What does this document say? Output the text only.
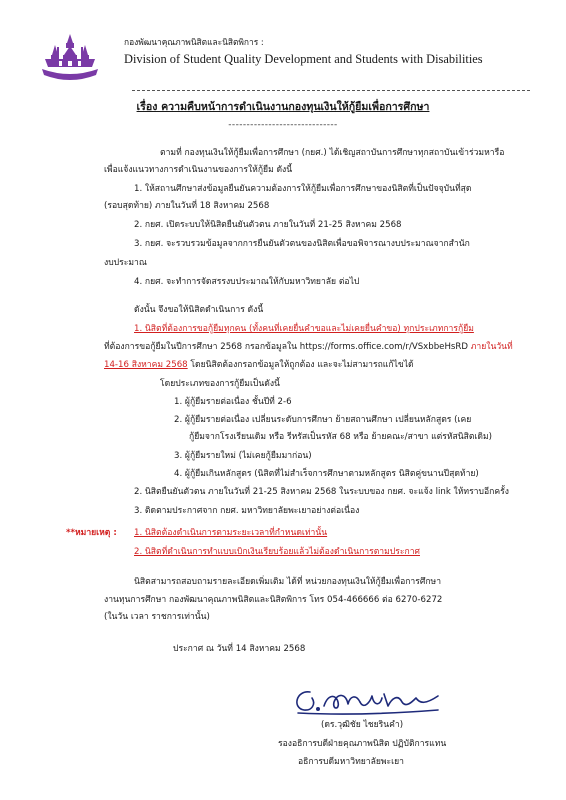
กองพัฒนาคุณภาพนิสิตและนิสิตพิการ :
Division of Student Quality Development and Students with Disabilities
เรื่อง ความคืบหน้าการดำเนินงานกองทุนเงินให้กู้ยืมเพื่อการศึกษา
------------------------------
ตามที่ กองทุนเงินให้กู้ยืมเพื่อการศึกษา (กยศ.) ได้เชิญสถาบันการศึกษาทุกสถาบันเข้าร่วมหารือ
เพื่อแจ้งแนวทางการดำเนินงานของการให้กู้ยืม ดังนี้
1. ให้สถานศึกษาส่งข้อมูลยืนยันความต้องการให้กู้ยืมเพื่อการศึกษาของนิสิตที่เป็นปัจจุบันที่สุด
(รอบสุดท้าย) ภายในวันที่ 18 สิงหาคม 2568
2. กยศ. เปิดระบบให้นิสิตยืนยันตัวตน ภายในวันที่ 21-25 สิงหาคม 2568
3. กยศ. จะรวบรวมข้อมูลจากการยืนยันตัวตนของนิสิตเพื่อขอพิจารณางบประมาณจากสำนัก
งบประมาณ
4. กยศ. จะทำการจัดสรรงบประมาณให้กับมหาวิทยาลัย ต่อไป
ดังนั้น จึงขอให้นิสิตดำเนินการ ดังนี้
1. นิสิตที่ต้องการขอกู้ยืมทุกคน (ทั้งคนที่เคยยื่นคำขอและไม่เคยยื่นคำขอ) ทุกประเภทการกู้ยืม
ที่ต้องการขอกู้ยืมในปีการศึกษา 2568 กรอกข้อมูลใน https://forms.office.com/r/VSxbbeHsRD ภายในวันที่
14-16 สิงหาคม 2568 โดยนิสิตต้องกรอกข้อมูลให้ถูกต้อง และจะไม่สามารถแก้ไขได้
โดยประเภทของการกู้ยืมเป็นดังนี้
1. ผู้กู้ยืมรายต่อเนื่อง ชั้นปีที่ 2-6
2. ผู้กู้ยืมรายต่อเนื่อง เปลี่ยนระดับการศึกษา ย้ายสถานศึกษา เปลี่ยนหลักสูตร (เคย
กู้ยืมจากโรงเรียนเดิม หรือ รีหรัสเป็นรหัส 68 หรือ ย้ายคณะ/สาขา แต่รหัสนิสิตเดิม)
3. ผู้กู้ยืมรายใหม่ (ไม่เคยกู้ยืมมาก่อน)
4. ผู้กู้ยืมเกินหลักสูตร (นิสิตที่ไม่สำเร็จการศึกษาตามหลักสูตร นิสิตคู่ขนานปีสุดท้าย)
2. นิสิตยืนยันตัวตน ภายในวันที่ 21-25 สิงหาคม 2568 ในระบบของ กยศ. จะแจ้ง link ให้ทราบอีกครั้ง
3. ติดตามประกาศจาก กยศ. มหาวิทยาลัยพะเยาอย่างต่อเนื่อง
**หมายเหตุ : 1. นิสิตต้องดำเนินการตามระยะเวลาที่กำหนดเท่านั้น
2. นิสิตที่ดำเนินการทำแบบเบิกเงินเรียบร้อยแล้วไม่ต้องดำเนินการตามประกาศ
นิสิตสามารถสอบถามรายละเอียดเพิ่มเติม ได้ที่ หน่วยกองทุนเงินให้กู้ยืมเพื่อการศึกษา
งานทุนการศึกษา กองพัฒนาคุณภาพนิสิตและนิสิตพิการ โทร 054-466666 ต่อ 6270-6272
(ในวัน เวลา ราชการเท่านั้น)
ประกาศ ณ วันที่ 14 สิงหาคม 2568
(ดร.วุฒิชัย ไชยรินคำ)
รองอธิการบดีฝ่ายคุณภาพนิสิต ปฏิบัติการแทน
อธิการบดีมหาวิทยาลัยพะเยา
